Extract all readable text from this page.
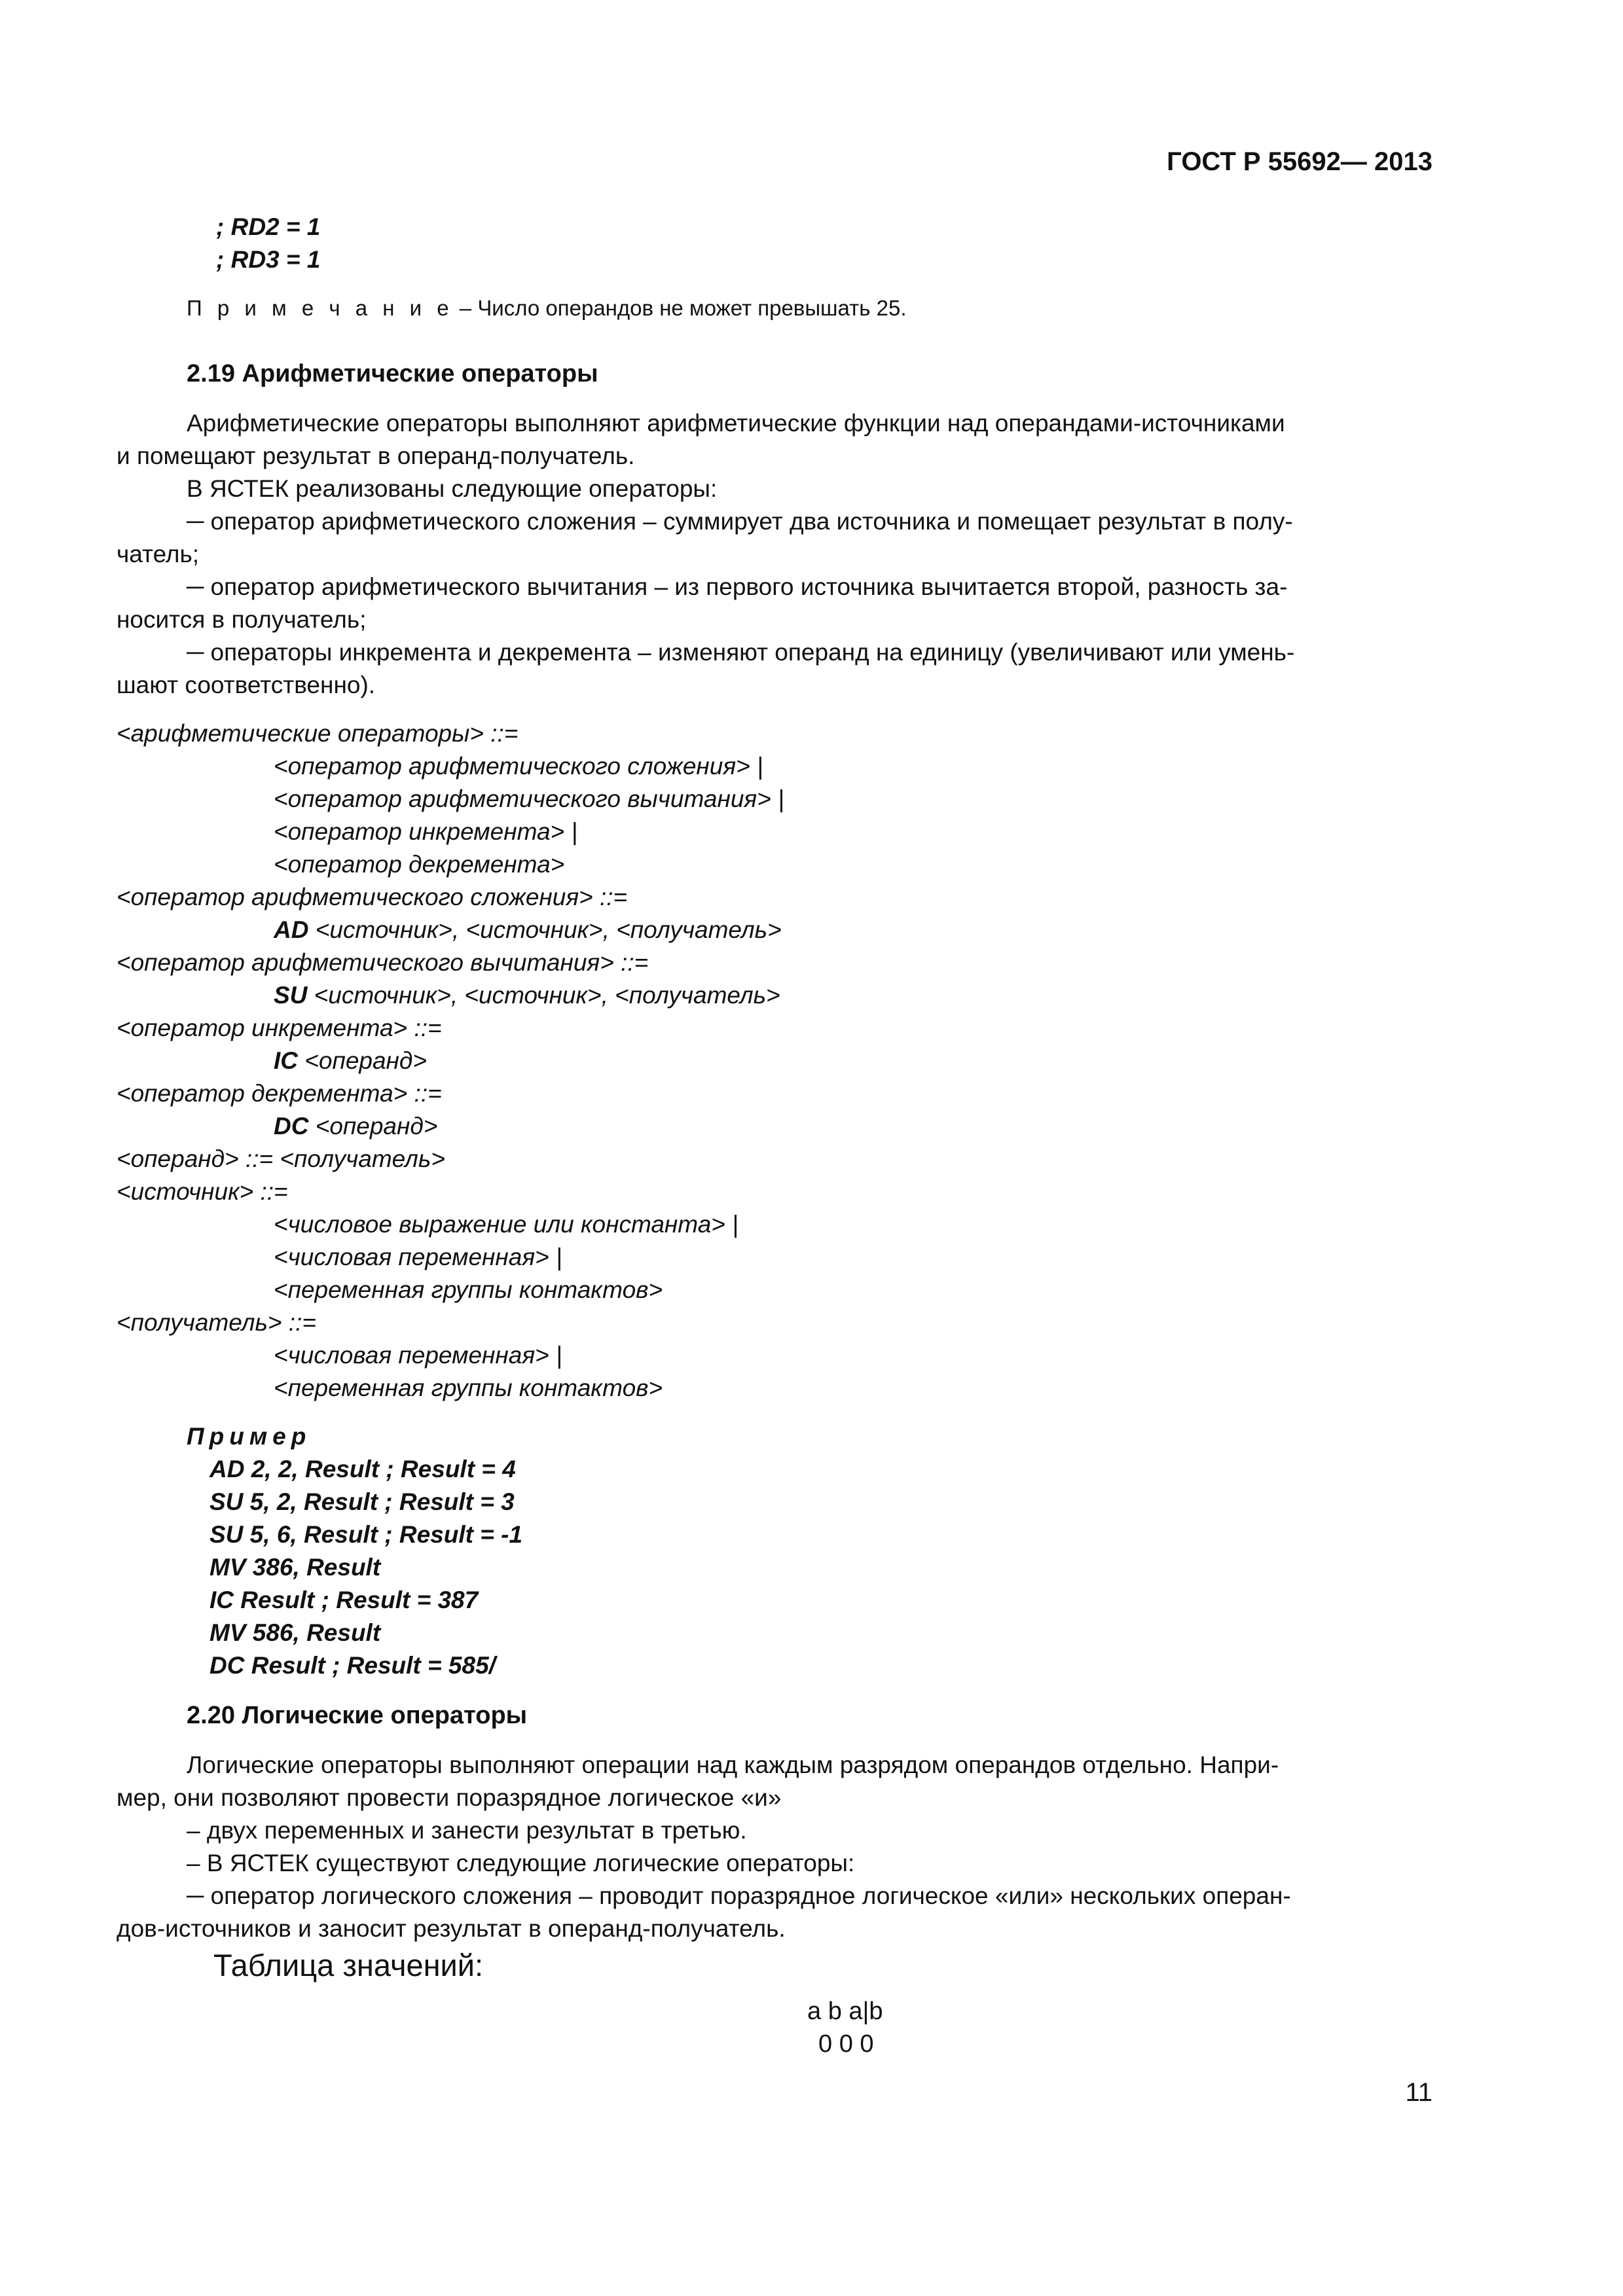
ГОСТ Р 55692— 2013
; RD2 = 1
; RD3 = 1
П р и м е ч а н и е – Число операндов не может превышать 25.
2.19 Арифметические операторы
Арифметические операторы выполняют арифметические функции над операндами-источниками
и помещают результат в операнд-получатель.
В ЯСТЕК реализованы следующие операторы:
─ оператор арифметического сложения – суммирует два источника и помещает результат в полу-
чатель;
─ оператор арифметического вычитания – из первого источника вычитается второй, разность за-
носится в получатель;
─ операторы инкремента и декремента – изменяют операнд на единицу (увеличивают или умень-
шают соответственно).
<арифметические операторы> ::=
<оператор арифметического сложения> |
<оператор арифметического вычитания> |
<оператор инкремента> |
<оператор декремента>
<оператор арифметического сложения> ::=
AD <источник>, <источник>, <получатель>
<оператор арифметического вычитания> ::=
SU <источник>, <источник>, <получатель>
<оператор инкремента> ::=
IC <операнд>
<оператор декремента> ::=
DC <операнд>
<операнд> ::= <получатель>
<источник> ::=
<числовое выражение или константа> |
<числовая переменная> |
<переменная группы контактов>
<получатель> ::=
<числовая переменная> |
<переменная группы контактов>
Пример
AD 2, 2, Result ; Result = 4
SU 5, 2, Result ; Result = 3
SU 5, 6, Result ; Result = -1
MV 386, Result
IC Result ; Result = 387
MV 586, Result
DC Result ; Result = 585/
2.20 Логические операторы
Логические операторы выполняют операции над каждым разрядом операндов отдельно. Напри-
мер, они позволяют провести поразрядное логическое «и»
– двух переменных и занести результат в третью.
– В ЯСТЕК существуют следующие логические операторы:
─ оператор логического сложения – проводит поразрядное логическое «или» нескольких операн-
дов-источников и заносит результат в операнд-получатель.
Таблица значений:
a b a|b
0 0 0
11
